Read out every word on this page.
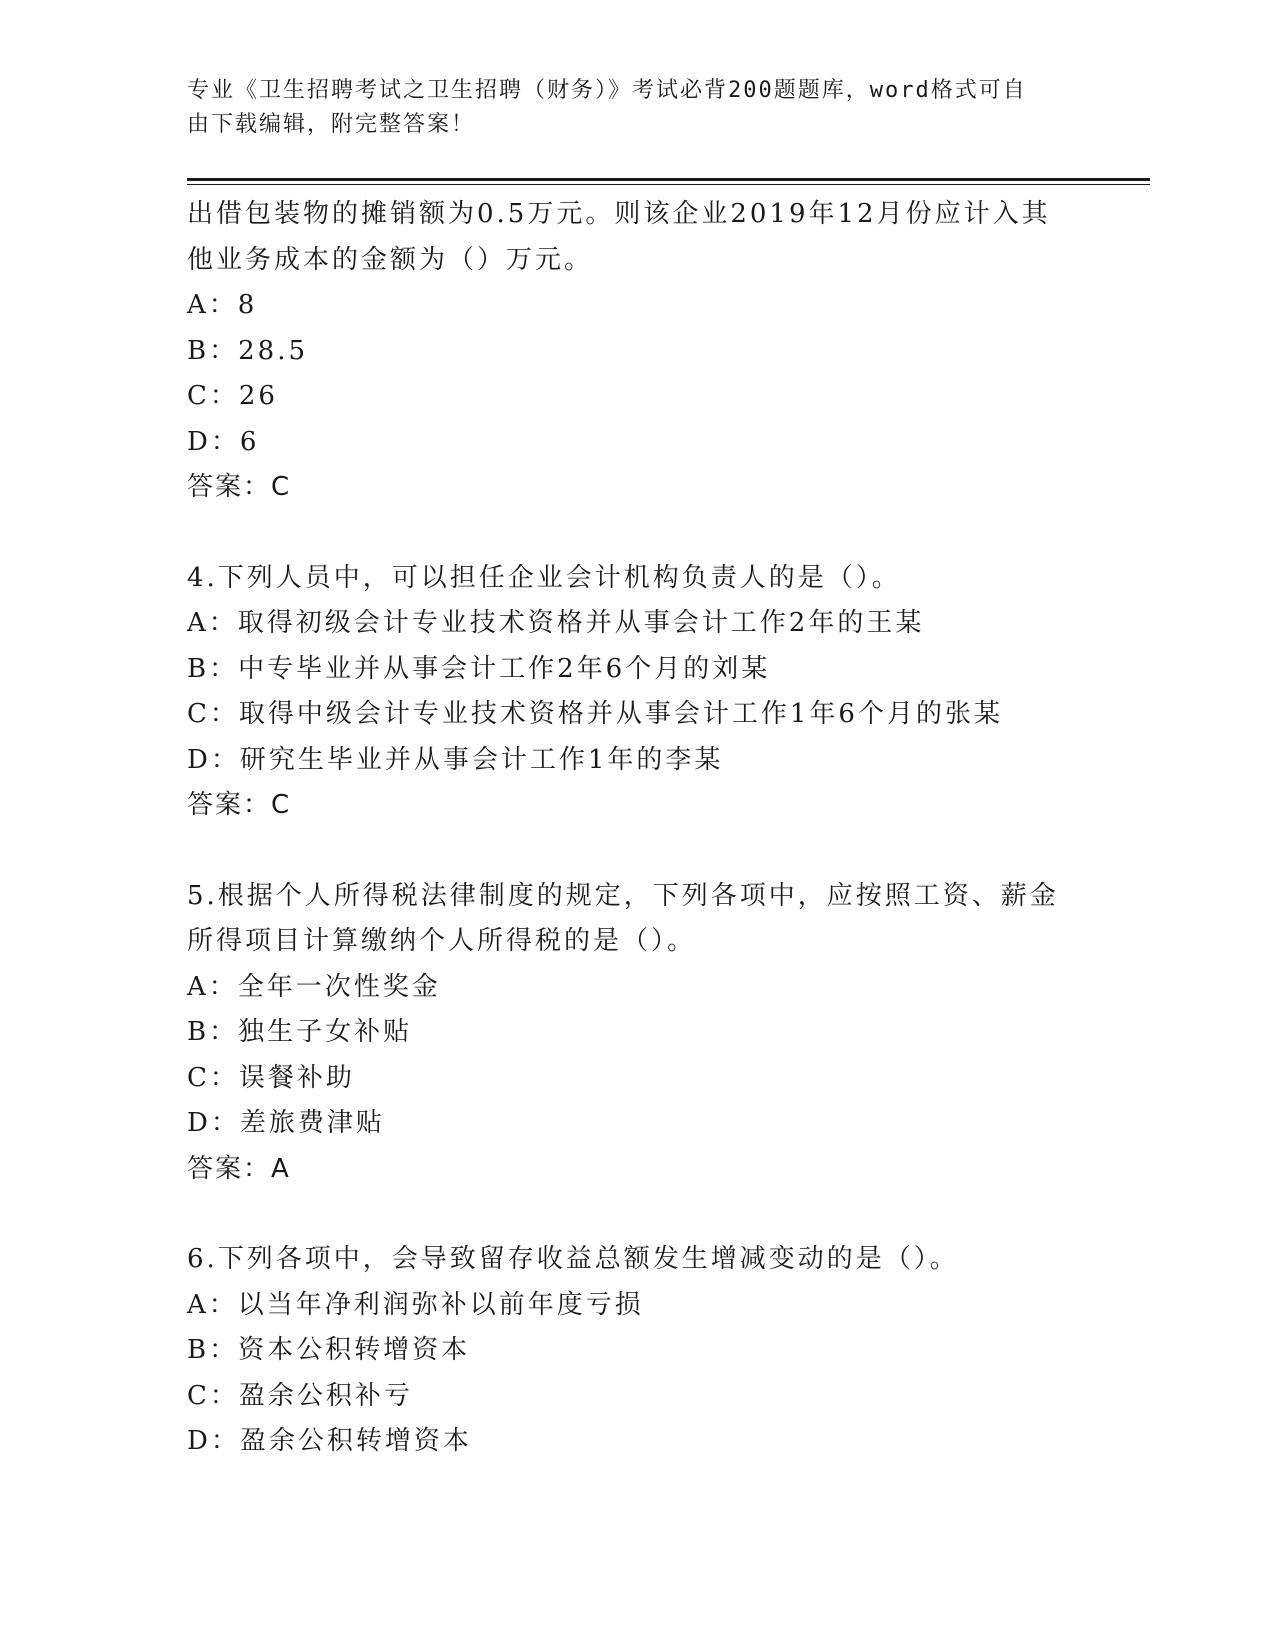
专业《卫生招聘考试之卫生招聘（财务）》考试必背200题题库，word格式可自
由下载编辑，附完整答案！
出借包装物的摊销额为0.5万元。则该企业2019年12月份应计入其
他业务成本的金额为（）万元。
A：8
B：28.5
C：26
D：6
答案：C
4.下列人员中，可以担任企业会计机构负责人的是（）。
A：取得初级会计专业技术资格并从事会计工作2年的王某
B：中专毕业并从事会计工作2年6个月的刘某
C：取得中级会计专业技术资格并从事会计工作1年6个月的张某
D：研究生毕业并从事会计工作1年的李某
答案：C
5.根据个人所得税法律制度的规定，下列各项中，应按照工资、薪金
所得项目计算缴纳个人所得税的是（）。
A：全年一次性奖金
B：独生子女补贴
C：误餐补助
D：差旅费津贴
答案：A
6.下列各项中，会导致留存收益总额发生增减变动的是（）。
A：以当年净利润弥补以前年度亏损
B：资本公积转增资本
C：盈余公积补亏
D：盈余公积转增资本
